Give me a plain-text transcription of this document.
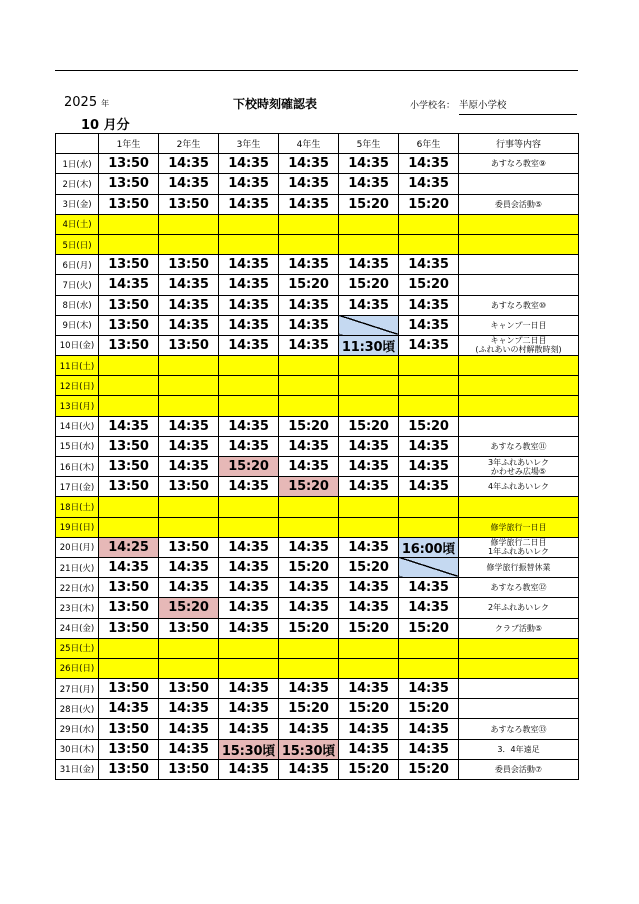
2025 年
10 月分
下校時刻確認表	小学校名： 半原小学校
	1年生	2年生	3年生	4年生	5年生	6年生	行事等内容
1日(水)	13:50	14:35	14:35	14:35	14:35	14:35	あすなろ教室⑨

2日(木)	13:50	14:35	14:35	14:35	14:35	14:35	
3日(金)	13:50	13:50	14:35	14:35	15:20	15:20	委員会活動⑤

4日(土)							
5日(日)							
6日(月)	13:50	13:50	14:35	14:35	14:35	14:35	
7日(火)	14:35	14:35	14:35	15:20	15:20	15:20	
8日(水)	13:50	14:35	14:35	14:35	14:35	14:35	あすなろ教室⑩

9日(木)	13:50	14:35	14:35	14:35		14:35	キャンプ一日目

10日(金)	13:50	13:50	14:35	14:35	11:30頃	14:35	キャンプ二日目
(ふれあいの村解散時刻)

11日(土)							
12日(日)							
13日(月)							
14日(火)	14:35	14:35	14:35	15:20	15:20	15:20	
15日(水)	13:50	14:35	14:35	14:35	14:35	14:35	あすなろ教室⑪

16日(木)	13:50	14:35	15:20	14:35	14:35	14:35	3年ふれあいレク
かわせみ広場⑤

17日(金)	13:50	13:50	14:35	15:20	14:35	14:35	4年ふれあいレク

18日(土)							
19日(日)							修学旅行一日目

20日(月)	14:25	13:50	14:35	14:35	14:35	16:00頃	修学旅行二日目
1年ふれあいレク

21日(火)	14:35	14:35	14:35	15:20	15:20		修学旅行振替休業

22日(水)	13:50	14:35	14:35	14:35	14:35	14:35	あすなろ教室⑫

23日(木)	13:50	15:20	14:35	14:35	14:35	14:35	2年ふれあいレク

24日(金)	13:50	13:50	14:35	15:20	15:20	15:20	クラブ活動⑤

25日(土)							
26日(日)							
27日(月)	13:50	13:50	14:35	14:35	14:35	14:35	
28日(火)	14:35	14:35	14:35	15:20	15:20	15:20	
29日(水)	13:50	14:35	14:35	14:35	14:35	14:35	あすなろ教室⑬

30日(木)	13:50	14:35	15:30頃	15:30頃	14:35	14:35	3．4年遠足

31日(金)	13:50	13:50	14:35	14:35	15:20	15:20	委員会活動⑦
